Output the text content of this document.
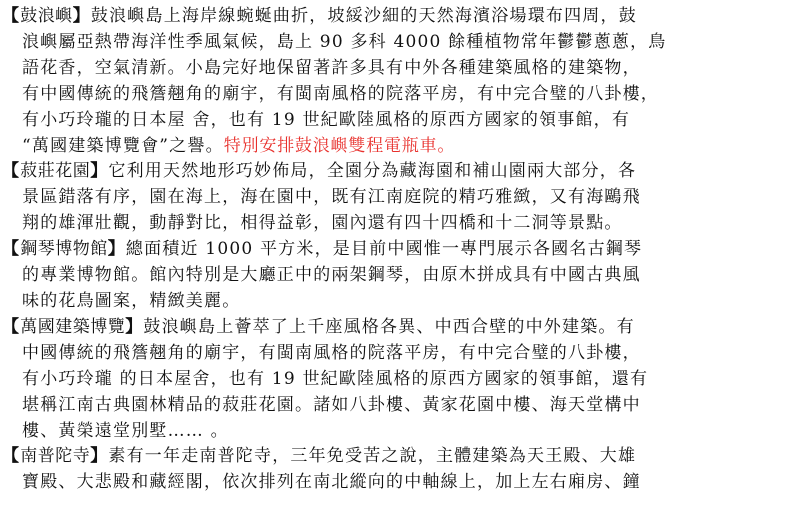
【鼓浪嶼】鼓浪嶼島上海岸線蜿蜒曲折，坡綏沙細的天然海濱浴場環布四周，鼓
浪嶼屬亞熱帶海洋性季風氣候，島上 90 多科 4000 餘種植物常年鬱鬱蔥蔥，鳥
語花香，空氣清新。小島完好地保留著許多具有中外各種建築風格的建築物，
有中國傳統的飛簷翹角的廟宇，有閩南風格的院落平房，有中完合璧的八卦樓，
有小巧玲瓏的日本屋 舍，也有 19 世紀歐陸風格的原西方國家的領事館，有
“萬國建築博覽會”之譽。特別安排鼓浪嶼雙程電瓶車。
【菽莊花園】它利用天然地形巧妙佈局，全園分為藏海園和補山園兩大部分，各
景區錯落有序，園在海上，海在園中，既有江南庭院的精巧雅緻，又有海鷗飛
翔的雄渾壯觀，動靜對比，相得益彰，園內還有四十四橋和十二洞等景點。
【鋼琴博物館】總面積近 1000 平方米，是目前中國惟一專門展示各國名古鋼琴
的專業博物館。館內特別是大廳正中的兩架鋼琴，由原木拼成具有中國古典風
味的花鳥圖案，精緻美麗。
【萬國建築博覽】鼓浪嶼島上薈萃了上千座風格各異、中西合壁的中外建築。有
中國傳統的飛簷翹角的廟宇，有閩南風格的院落平房，有中完合璧的八卦樓，
有小巧玲瓏 的日本屋舍，也有 19 世紀歐陸風格的原西方國家的領事館，還有
堪稱江南古典園林精品的菽莊花園。諸如八卦樓、黃家花園中樓、海天堂構中
樓、黃榮遠堂別墅…… 。
【南普陀寺】素有一年走南普陀寺，三年免受苦之說，主體建築為天王殿、大雄
寶殿、大悲殿和藏經閣，依次排列在南北縱向的中軸線上，加上左右廂房、鐘
